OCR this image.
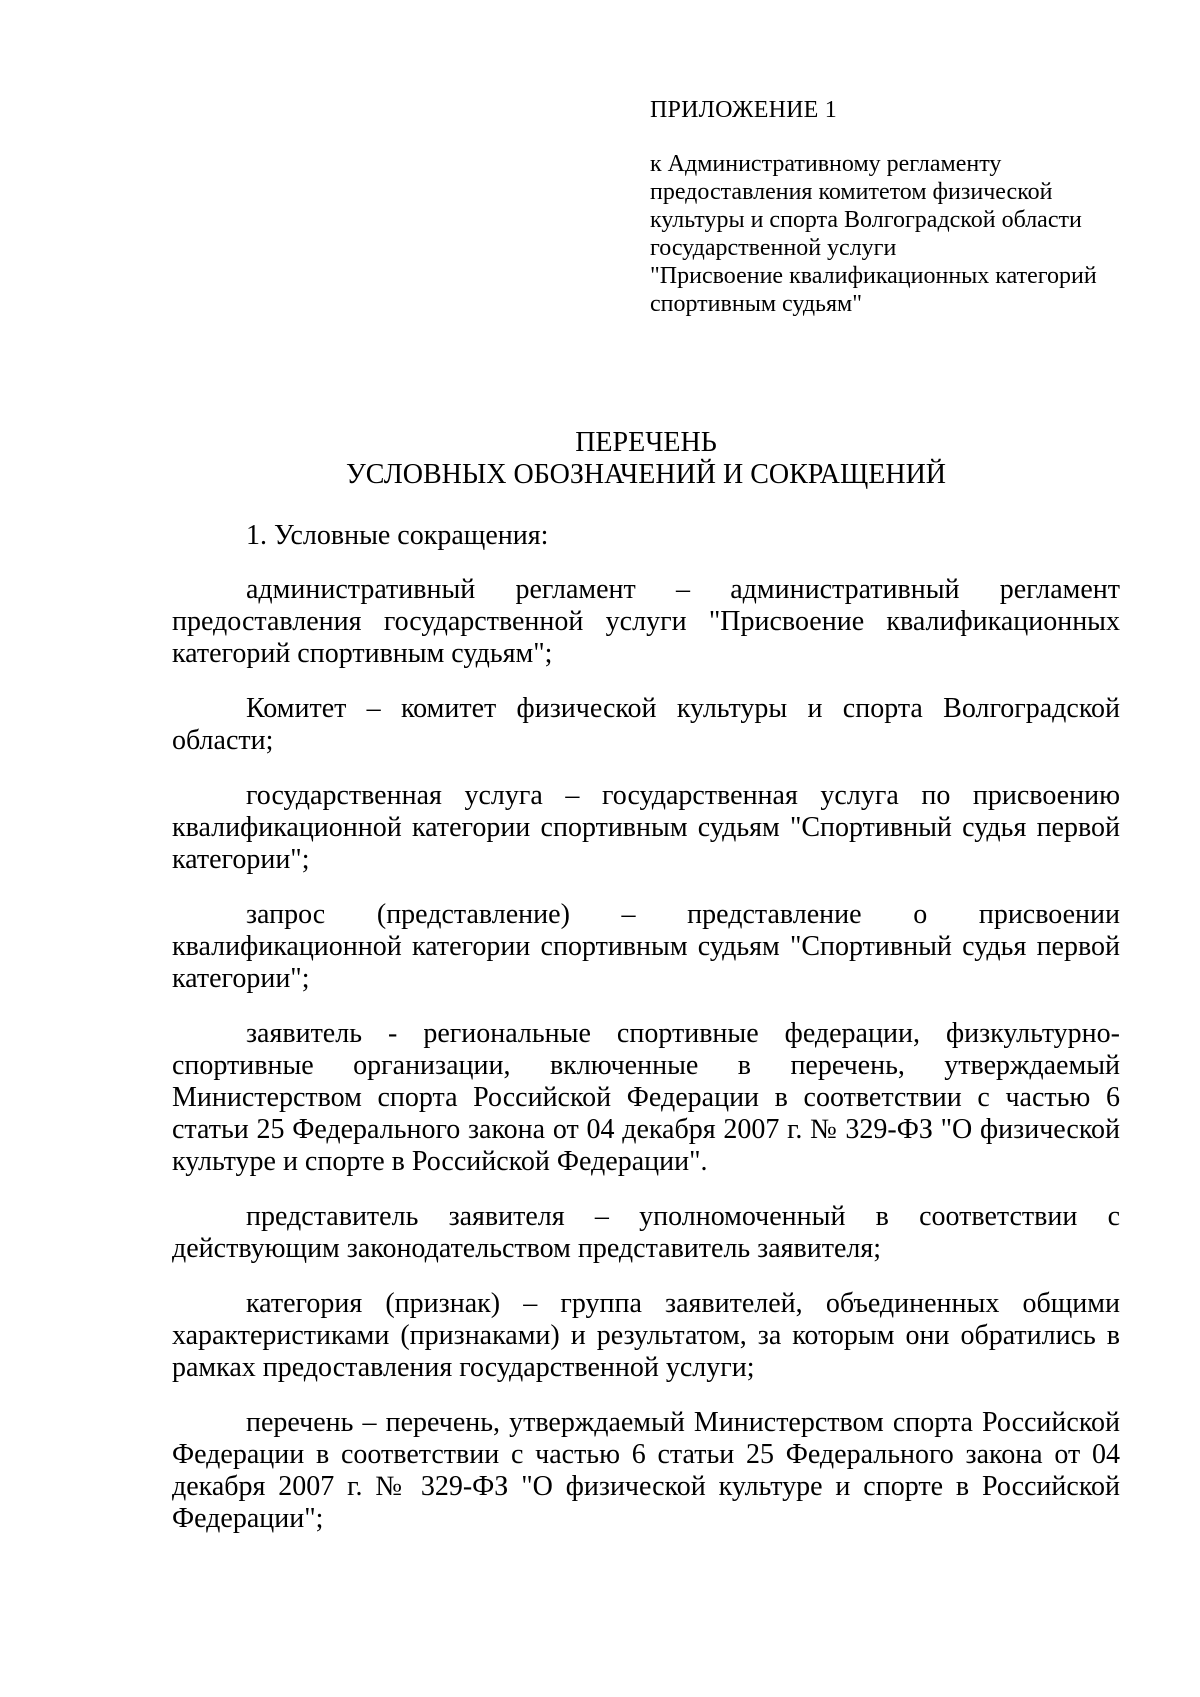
ПРИЛОЖЕНИЕ 1
к Административному регламенту
предоставления комитетом физической
культуры и спорта Волгоградской области
государственной услуги
"Присвоение квалификационных категорий
спортивным судьям"
ПЕРЕЧЕНЬ
УСЛОВНЫХ ОБОЗНАЧЕНИЙ И СОКРАЩЕНИЙ

1. Условные сокращения:

административный регламент – административный регламент предоставления государственной услуги "Присвоение квалификационных категорий спортивным судьям";

Комитет – комитет физической культуры и спорта Волгоградской области;

государственная услуга – государственная услуга по присвоению квалификационной категории спортивным судьям "Спортивный судья первой категории";

запрос (представление) – представление о присвоении квалификационной категории спортивным судьям "Спортивный судья первой категории";

заявитель - региональные спортивные федерации, физкультурно-спортивные организации, включенные в перечень, утверждаемый Министерством спорта Российской Федерации в соответствии с частью 6 статьи 25 Федерального закона от 04 декабря 2007 г. № 329-ФЗ "О физической культуре и спорте в Российской Федерации".

представитель заявителя – уполномоченный в соответствии с действующим законодательством представитель заявителя;

категория (признак) – группа заявителей, объединенных общими характеристиками (признаками) и результатом, за которым они обратились в рамках предоставления государственной услуги;

перечень – перечень, утверждаемый Министерством спорта Российской Федерации в соответствии с частью 6 статьи 25 Федерального закона от 04 декабря 2007 г. № 329-ФЗ "О физической культуре и спорте в Российской Федерации";
